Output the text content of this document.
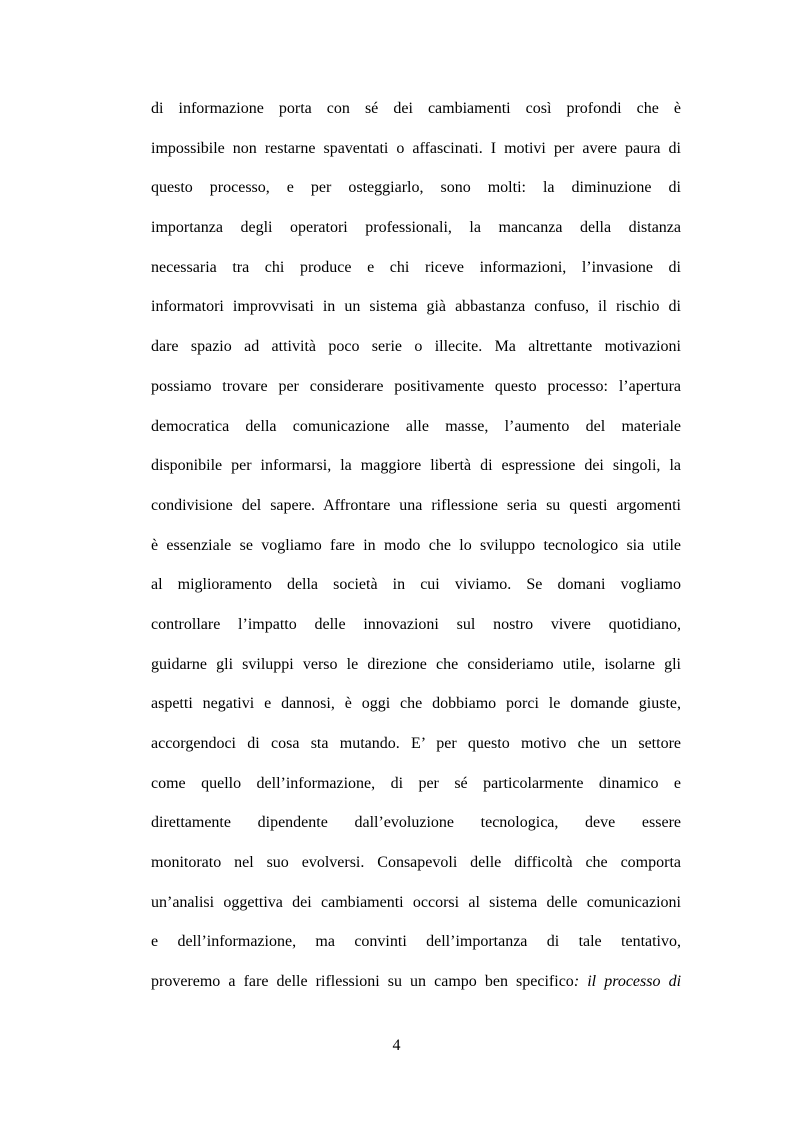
di informazione porta con sé dei cambiamenti così profondi che è
impossibile non restarne spaventati o affascinati. I motivi per avere paura di
questo processo, e per osteggiarlo, sono molti: la diminuzione di
importanza degli operatori professionali, la mancanza della distanza
necessaria tra chi produce e chi riceve informazioni, l’invasione di
informatori improvvisati in un sistema già abbastanza confuso, il rischio di
dare spazio ad attività poco serie o illecite. Ma altrettante motivazioni
possiamo trovare per considerare positivamente questo processo: l’apertura
democratica della comunicazione alle masse, l’aumento del materiale
disponibile per informarsi, la maggiore libertà di espressione dei singoli, la
condivisione del sapere. Affrontare una riflessione seria su questi argomenti
è essenziale se vogliamo fare in modo che lo sviluppo tecnologico sia utile
al miglioramento della società in cui viviamo. Se domani vogliamo
controllare l’impatto delle innovazioni sul nostro vivere quotidiano,
guidarne gli sviluppi verso le direzione che consideriamo utile, isolarne gli
aspetti negativi e dannosi, è oggi che dobbiamo porci le domande giuste,
accorgendoci di cosa sta mutando. E’ per questo motivo che un settore
come quello dell’informazione, di per sé particolarmente dinamico e
direttamente dipendente dall’evoluzione tecnologica, deve essere
monitorato nel suo evolversi. Consapevoli delle difficoltà che comporta
un’analisi oggettiva dei cambiamenti occorsi al sistema delle comunicazioni
e dell’informazione, ma convinti dell’importanza di tale tentativo,
proveremo a fare delle riflessioni su un campo ben specifico: il processo di
4
